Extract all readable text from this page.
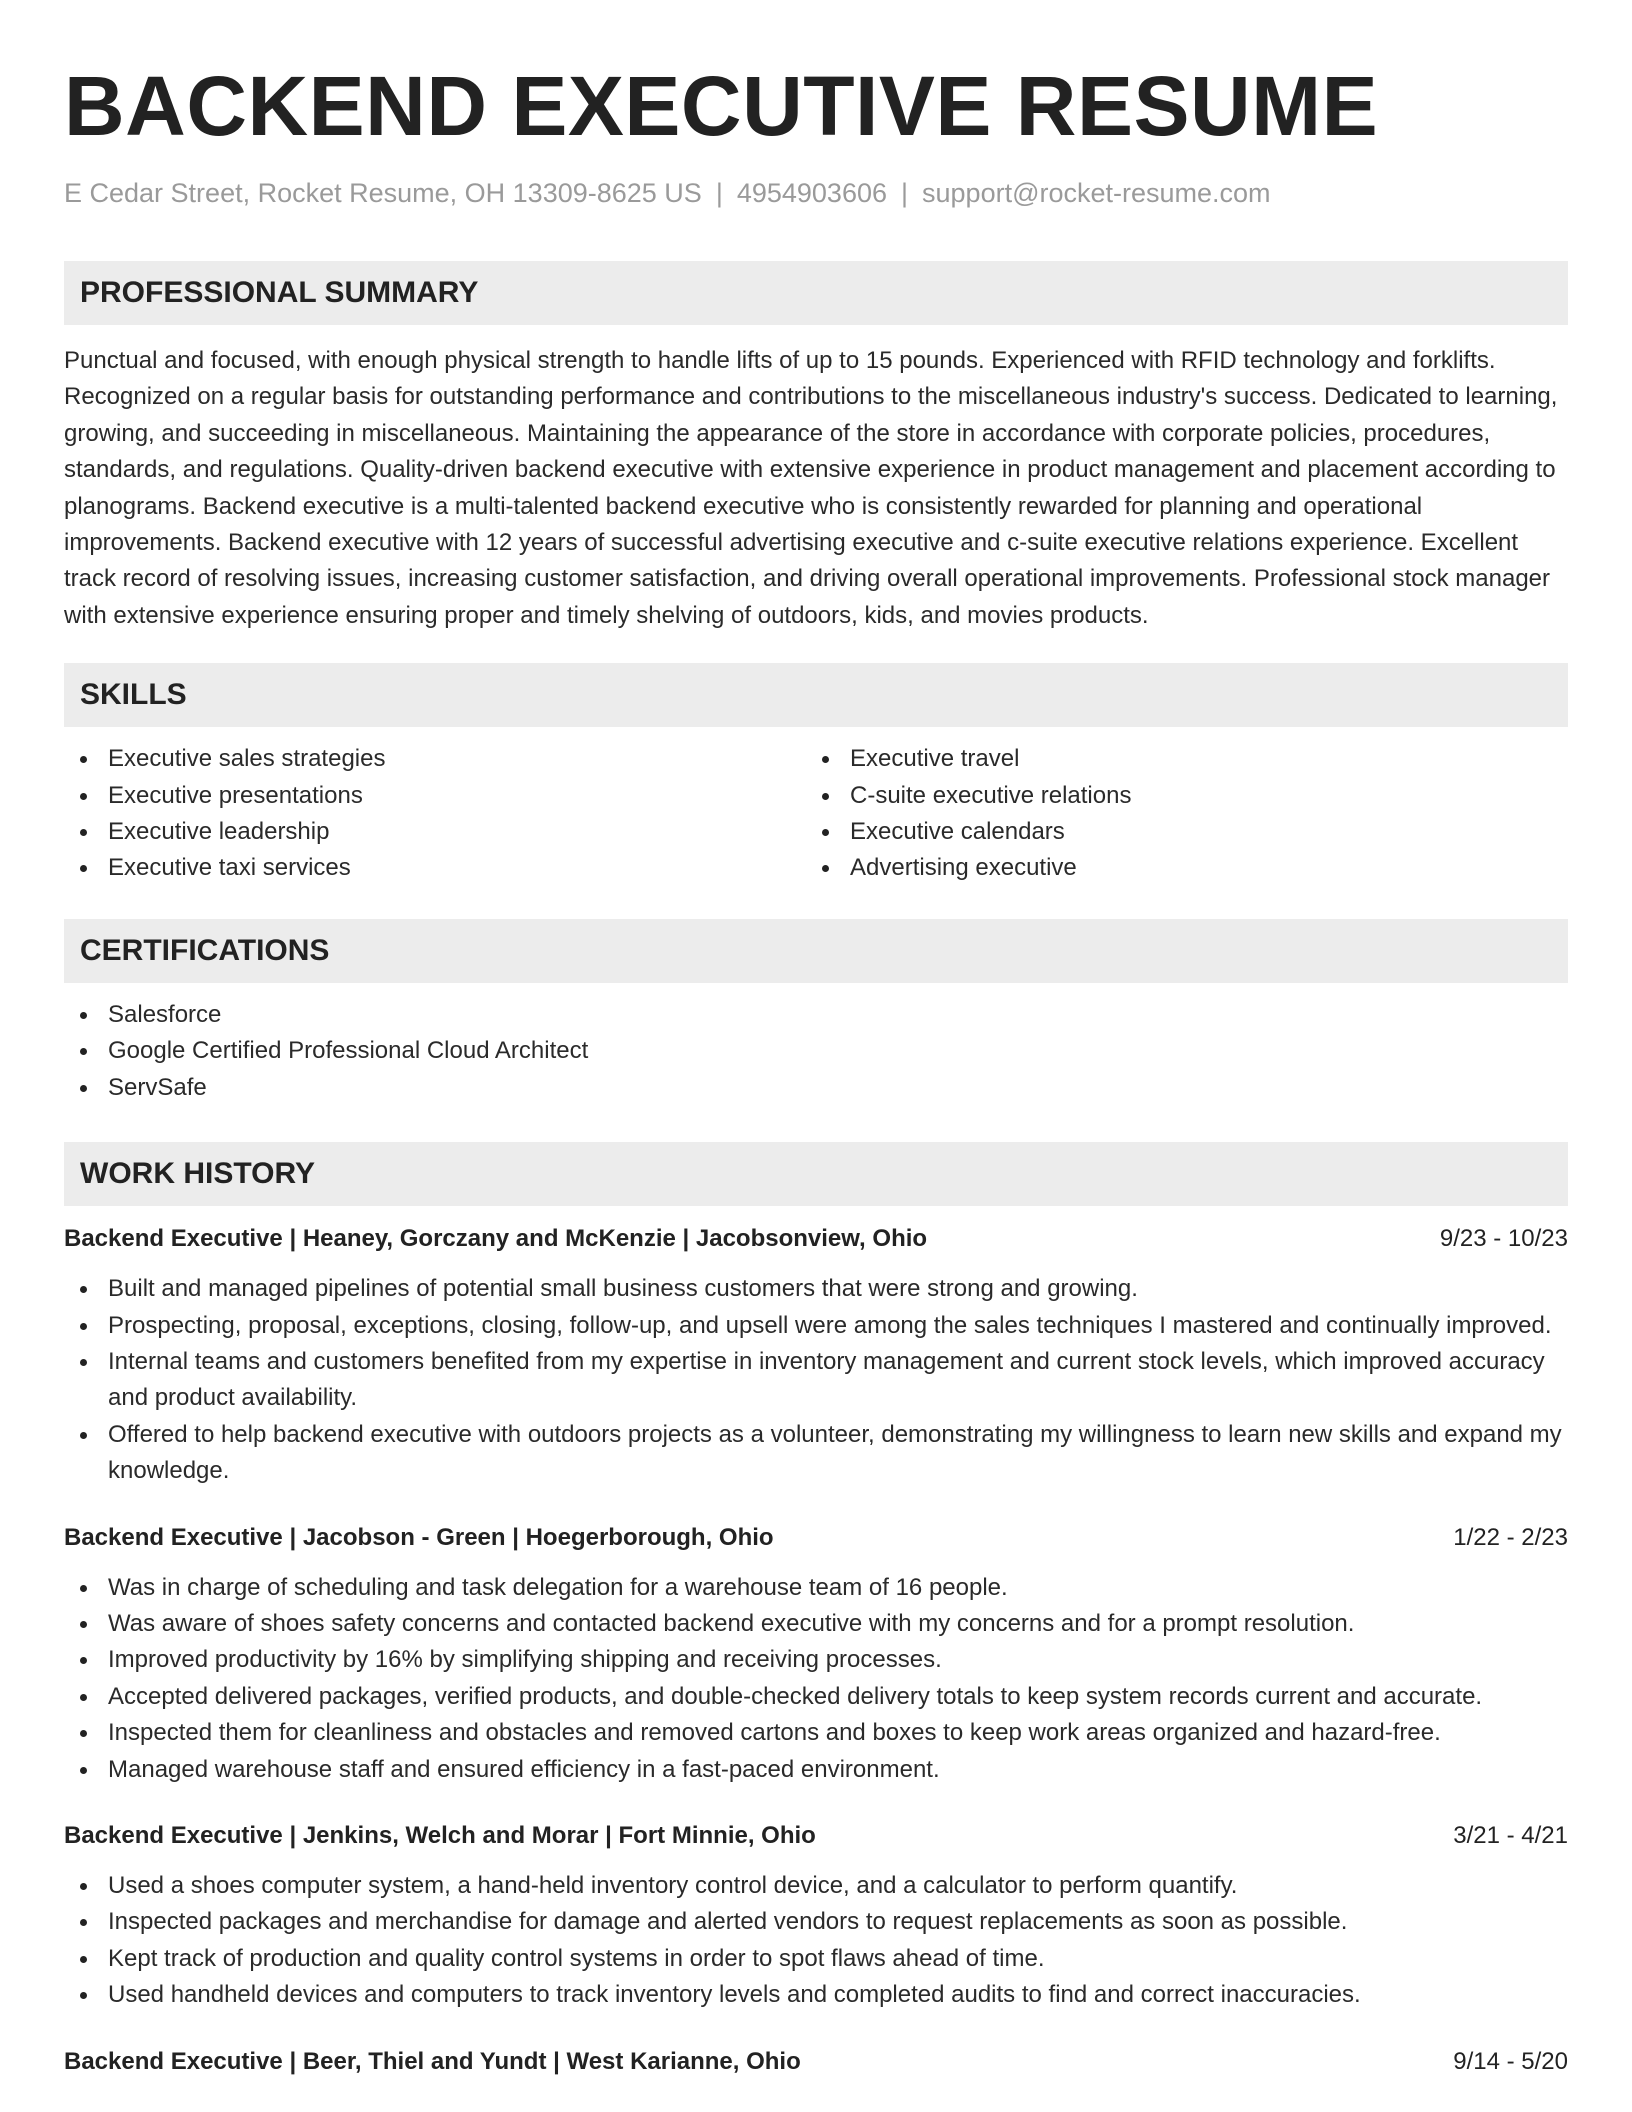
BACKEND EXECUTIVE RESUME
E Cedar Street, Rocket Resume, OH 13309-8625 US | 4954903606 | support@rocket-resume.com
PROFESSIONAL SUMMARY

Punctual and focused, with enough physical strength to handle lifts of up to 15 pounds. Experienced with RFID technology and forklifts. Recognized on a regular basis for outstanding performance and contributions to the miscellaneous industry's success. Dedicated to learning, growing, and succeeding in miscellaneous. Maintaining the appearance of the store in accordance with corporate policies, procedures, standards, and regulations. Quality-driven backend executive with extensive experience in product management and placement according to planograms. Backend executive is a multi-talented backend executive who is consistently rewarded for planning and operational improvements. Backend executive with 12 years of successful advertising executive and c-suite executive relations experience. Excellent track record of resolving issues, increasing customer satisfaction, and driving overall operational improvements. Professional stock manager with extensive experience ensuring proper and timely shelving of outdoors, kids, and movies products.

SKILLS
Executive sales strategies
Executive presentations
Executive leadership
Executive taxi services
Executive travel
C-suite executive relations
Executive calendars
Advertising executive
CERTIFICATIONS
Salesforce
Google Certified Professional Cloud Architect
ServSafe
WORK HISTORY
Backend Executive | Heaney, Gorczany and McKenzie | Jacobsonview, Ohio	9/23 - 10/23
Built and managed pipelines of potential small business customers that were strong and growing.
Prospecting, proposal, exceptions, closing, follow-up, and upsell were among the sales techniques I mastered and continually improved.
Internal teams and customers benefited from my expertise in inventory management and current stock levels, which improved accuracy and product availability.
Offered to help backend executive with outdoors projects as a volunteer, demonstrating my willingness to learn new skills and expand my knowledge.
Backend Executive | Jacobson - Green | Hoegerborough, Ohio	1/22 - 2/23
Was in charge of scheduling and task delegation for a warehouse team of 16 people.
Was aware of shoes safety concerns and contacted backend executive with my concerns and for a prompt resolution.
Improved productivity by 16% by simplifying shipping and receiving processes.
Accepted delivered packages, verified products, and double-checked delivery totals to keep system records current and accurate.
Inspected them for cleanliness and obstacles and removed cartons and boxes to keep work areas organized and hazard-free.
Managed warehouse staff and ensured efficiency in a fast-paced environment.
Backend Executive | Jenkins, Welch and Morar | Fort Minnie, Ohio	3/21 - 4/21
Used a shoes computer system, a hand-held inventory control device, and a calculator to perform quantify.
Inspected packages and merchandise for damage and alerted vendors to request replacements as soon as possible.
Kept track of production and quality control systems in order to spot flaws ahead of time.
Used handheld devices and computers to track inventory levels and completed audits to find and correct inaccuracies.
Backend Executive | Beer, Thiel and Yundt | West Karianne, Ohio	9/14 - 5/20
